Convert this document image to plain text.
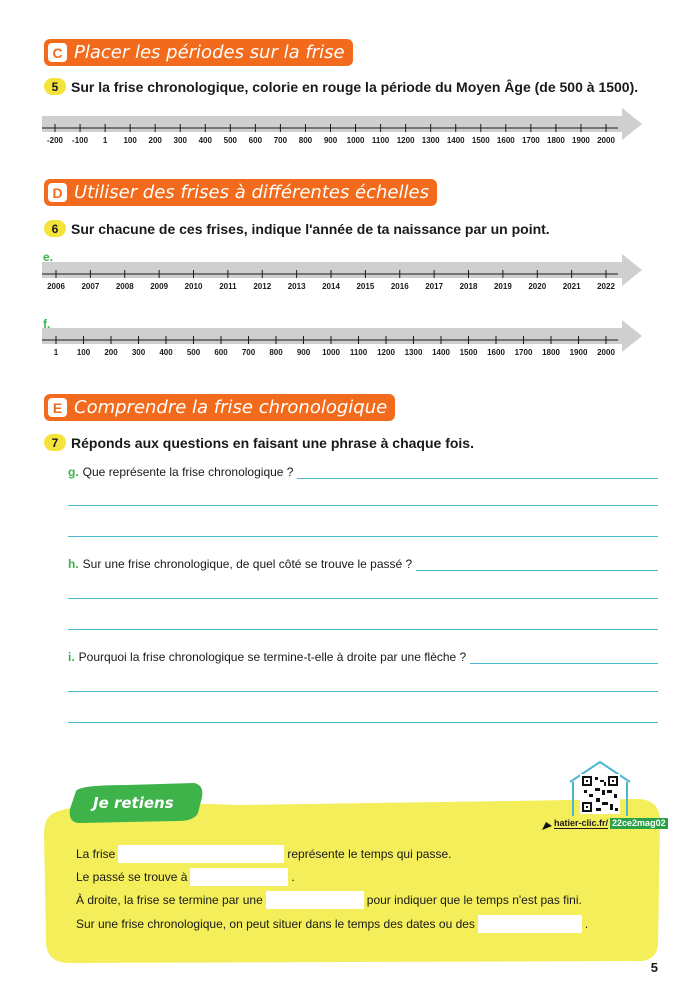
C Placer les périodes sur la frise
5 Sur la frise chronologique, colorie en rouge la période du Moyen Âge (de 500 à 1500).
-200 -100 1 100 200 300 400 500 600 700 800 900 1000 1100 1200 1300 1400 1500 1600 1700 1800 1900 2000
D Utiliser des frises à différentes échelles
6 Sur chacune de ces frises, indique l'année de ta naissance par un point.
e.
2006 2007 2008 2009 2010 2011 2012 2013 2014 2015 2016 2017 2018 2019 2020 2021 2022
f.
1 100 200 300 400 500 600 700 800 900 1000 1100 1200 1300 1400 1500 1600 1700 1800 1900 2000
E Comprendre la frise chronologique
7 Réponds aux questions en faisant une phrase à chaque fois.
g. Que représente la frise chronologique ?
h. Sur une frise chronologique, de quel côté se trouve le passé ?
i. Pourquoi la frise chronologique se termine-t-elle à droite par une flèche ?
Je retiens
hatier-clic.fr/ 22ce2mag02
La frise	représente le temps qui passe.
Le passé se trouve à	.
À droite, la frise se termine par une	pour indiquer que le temps n'est pas fini.
Sur une frise chronologique, on peut situer dans le temps des dates ou des	.
5
